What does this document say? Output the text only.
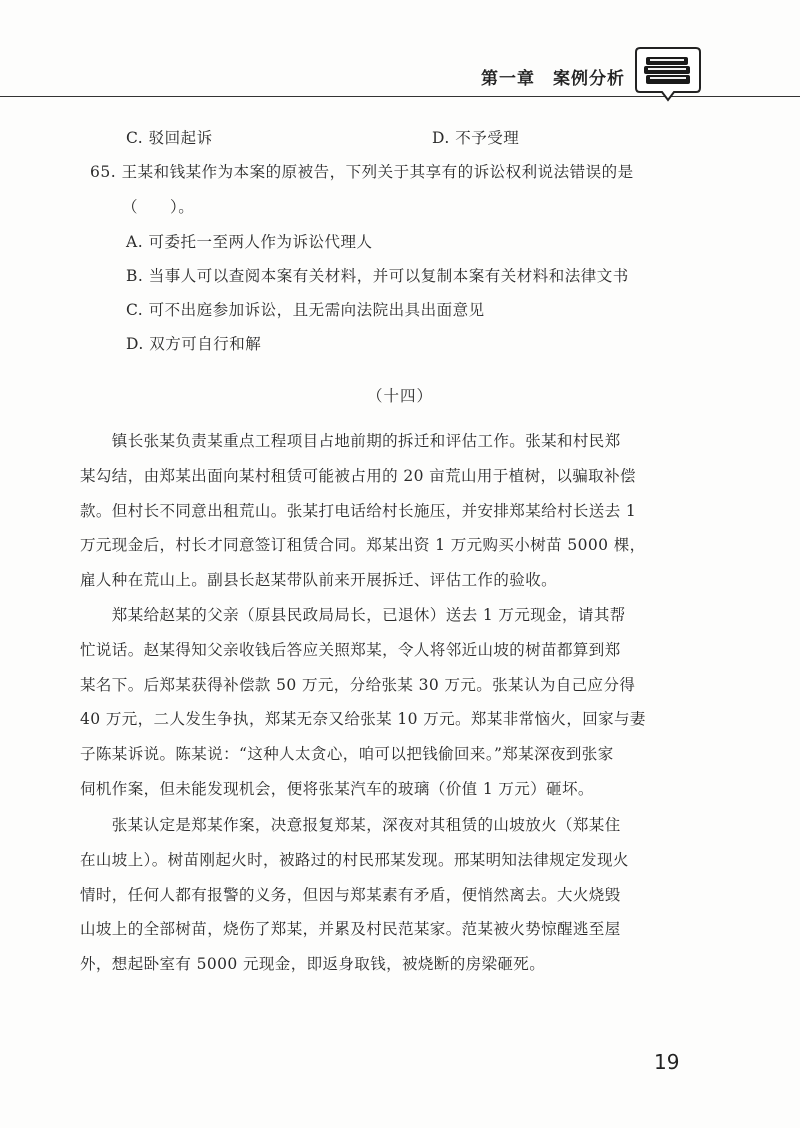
第一章　案例分析
C. 驳回起诉	D. 不予受理
65. 王某和钱某作为本案的原被告，下列关于其享有的诉讼权利说法错误的是
（　　）。
A. 可委托一至两人作为诉讼代理人
B. 当事人可以查阅本案有关材料，并可以复制本案有关材料和法律文书
C. 可不出庭参加诉讼，且无需向法院出具出面意见
D. 双方可自行和解
（十四）
　　镇长张某负责某重点工程项目占地前期的拆迁和评估工作。张某和村民郑
某勾结，由郑某出面向某村租赁可能被占用的 20 亩荒山用于植树，以骗取补偿
款。但村长不同意出租荒山。张某打电话给村长施压，并安排郑某给村长送去 1
万元现金后，村长才同意签订租赁合同。郑某出资 1 万元购买小树苗 5000 棵，
雇人种在荒山上。副县长赵某带队前来开展拆迁、评估工作的验收。
　　郑某给赵某的父亲（原县民政局局长，已退休）送去 1 万元现金，请其帮
忙说话。赵某得知父亲收钱后答应关照郑某，令人将邻近山坡的树苗都算到郑
某名下。后郑某获得补偿款 50 万元，分给张某 30 万元。张某认为自己应分得
40 万元，二人发生争执，郑某无奈又给张某 10 万元。郑某非常恼火，回家与妻
子陈某诉说。陈某说：“这种人太贪心，咱可以把钱偷回来。”郑某深夜到张家
伺机作案，但未能发现机会，便将张某汽车的玻璃（价值 1 万元）砸坏。
　　张某认定是郑某作案，决意报复郑某，深夜对其租赁的山坡放火（郑某住
在山坡上）。树苗刚起火时，被路过的村民邢某发现。邢某明知法律规定发现火
情时，任何人都有报警的义务，但因与郑某素有矛盾，便悄然离去。大火烧毁
山坡上的全部树苗，烧伤了郑某，并累及村民范某家。范某被火势惊醒逃至屋
外，想起卧室有 5000 元现金，即返身取钱，被烧断的房梁砸死。
19
